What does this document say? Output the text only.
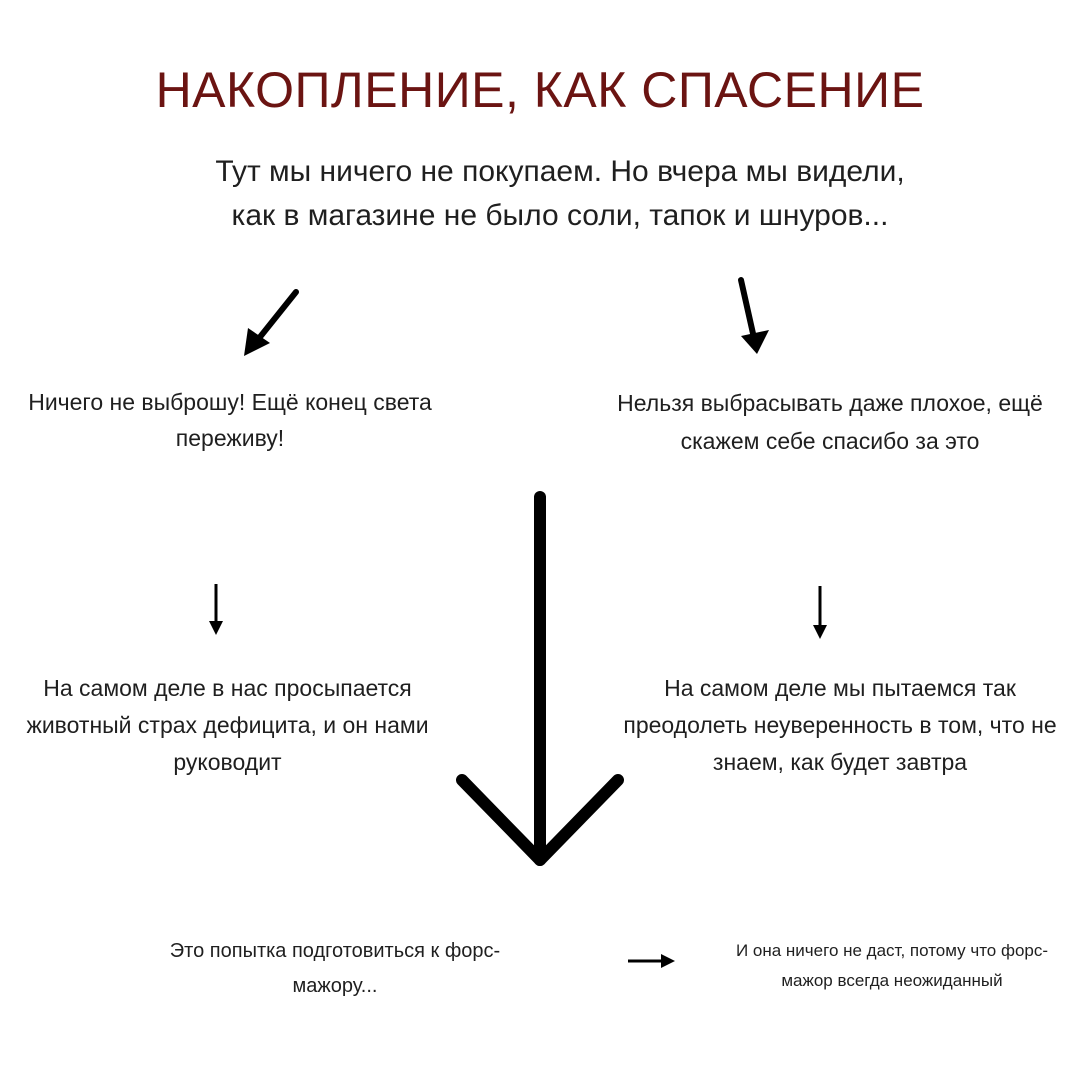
НАКОПЛЕНИЕ, КАК СПАСЕНИЕ

Тут мы ничего не покупаем. Но вчера мы видели, как в магазине не было соли, тапок и шнуров...

Ничего не выброшу! Ещё конец света переживу!

Нельзя выбрасывать даже плохое, ещё скажем себе спасибо за это

На самом деле в нас просыпается животный страх дефицита, и он нами руководит

На самом деле мы пытаемся так преодолеть неуверенность в том, что не знаем, как будет завтра

Это попытка подготовиться к форс-мажору...

И она ничего не даст, потому что форс-мажор всегда неожиданный
